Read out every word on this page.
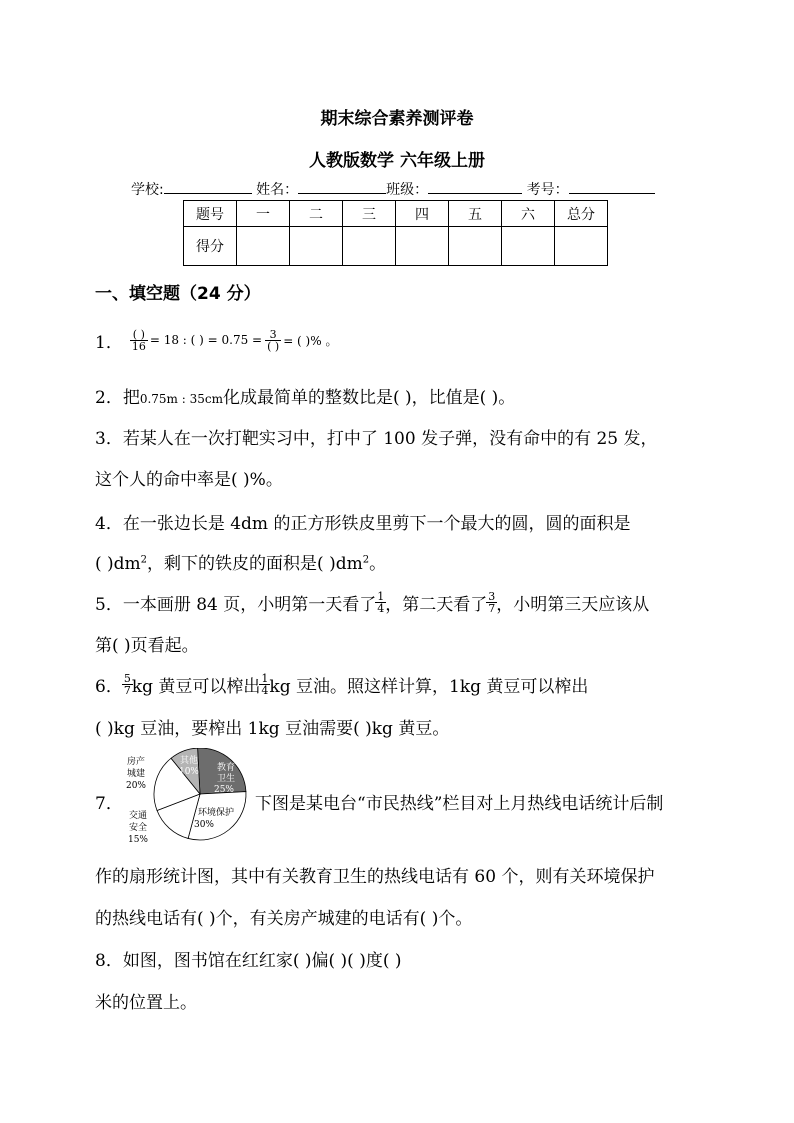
期末综合素养测评卷
人教版数学 六年级上册
学校:	姓名：	班级：	考号：
题号	一	二	三	四	五	六	总分
得分							
一、填空题（24 分）
1． $\frac{( )}{16} = 18$ : ( ) = $0.75 = \frac{3}{( )}$ = ( )% 。
2．把0.75m : 35cm化成最简单的整数比是( )，比值是( )。
3．若某人在一次打靶实习中，打中了 100 发子弹，没有命中的有 25 发，
这个人的命中率是( )%。
4．在一张边长是 4dm 的正方形铁皮里剪下一个最大的圆，圆的面积是
( )$dm^2$，剩下的铁皮的面积是( )$dm^2$。
5．一本画册 84 页，小明第一天看了 $\frac{1}{4}$ ，第二天看了 $\frac{3}{7}$ ，小明第三天应该从
第( )页看起。
6． $\frac{5}{7}$ kg 黄豆可以榨出 $\frac{1}{4}$ kg 豆油。照这样计算，1kg 黄豆可以榨出
( )kg 豆油，要榨出 1kg 豆油需要( )kg 黄豆。
7．
教育
卫生
25%
环境保护
30%
其他
10%
房产
城建
20%
交通
安全
15%
下图是某电台“市民热线”栏目对上月热线电话统计后制
作的扇形统计图，其中有关教育卫生的热线电话有 60 个，则有关环境保护
的热线电话有( )个，有关房产城建的电话有( )个。
8．如图，图书馆在红红家( )偏( )( )度( )
米的位置上。
